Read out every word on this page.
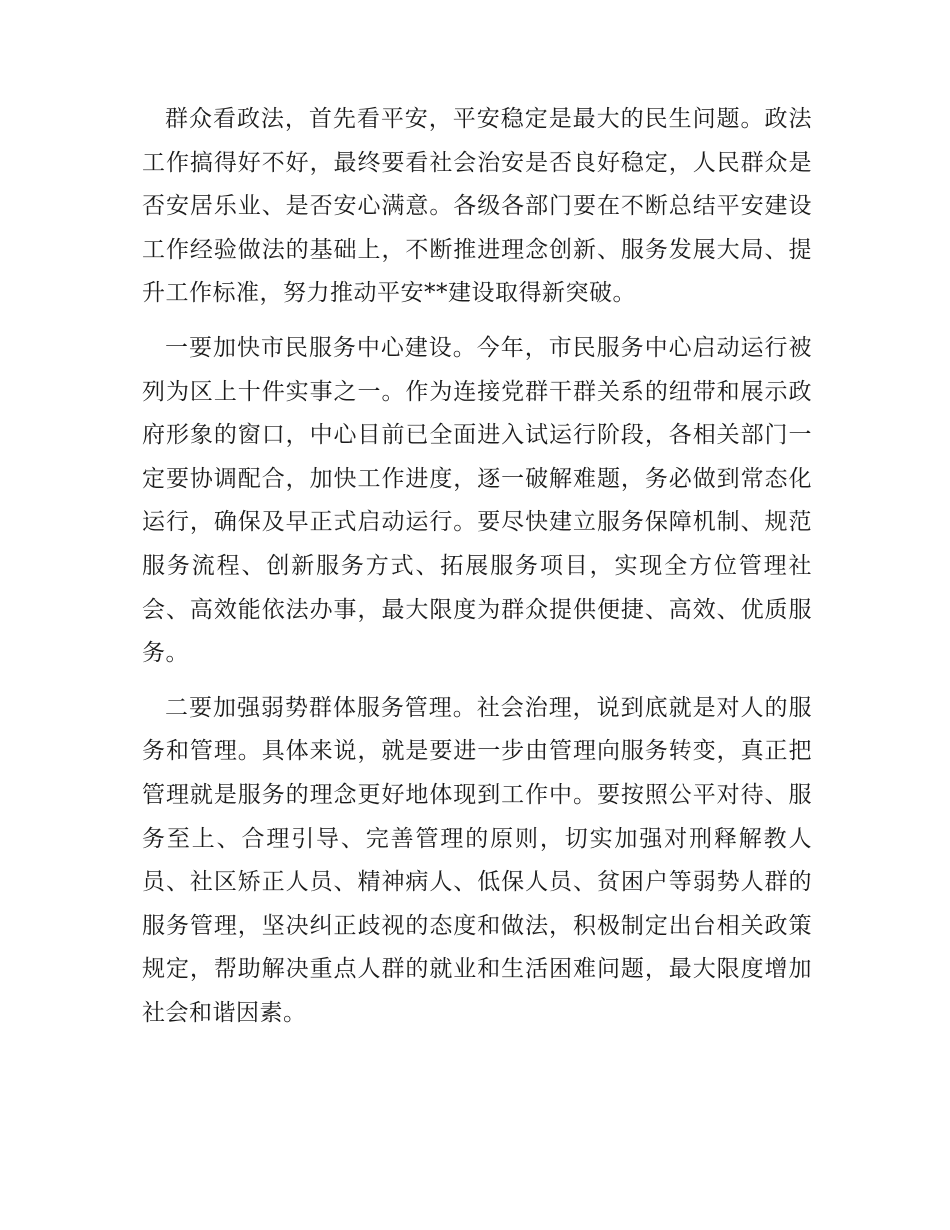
群众看政法，首先看平安，平安稳定是最大的民生问题。政法工作搞得好不好，最终要看社会治安是否良好稳定，人民群众是否安居乐业、是否安心满意。各级各部门要在不断总结平安建设工作经验做法的基础上，不断推进理念创新、服务发展大局、提升工作标准，努力推动平安**建设取得新突破。

一要加快市民服务中心建设。今年，市民服务中心启动运行被列为区上十件实事之一。作为连接党群干群关系的纽带和展示政府形象的窗口，中心目前已全面进入试运行阶段，各相关部门一定要协调配合，加快工作进度，逐一破解难题，务必做到常态化运行，确保及早正式启动运行。要尽快建立服务保障机制、规范服务流程、创新服务方式、拓展服务项目，实现全方位管理社会、高效能依法办事，最大限度为群众提供便捷、高效、优质服务。

二要加强弱势群体服务管理。社会治理，说到底就是对人的服务和管理。具体来说，就是要进一步由管理向服务转变，真正把管理就是服务的理念更好地体现到工作中。要按照公平对待、服务至上、合理引导、完善管理的原则，切实加强对刑释解教人员、社区矫正人员、精神病人、低保人员、贫困户等弱势人群的服务管理，坚决纠正歧视的态度和做法，积极制定出台相关政策规定，帮助解决重点人群的就业和生活困难问题，最大限度增加社会和谐因素。
